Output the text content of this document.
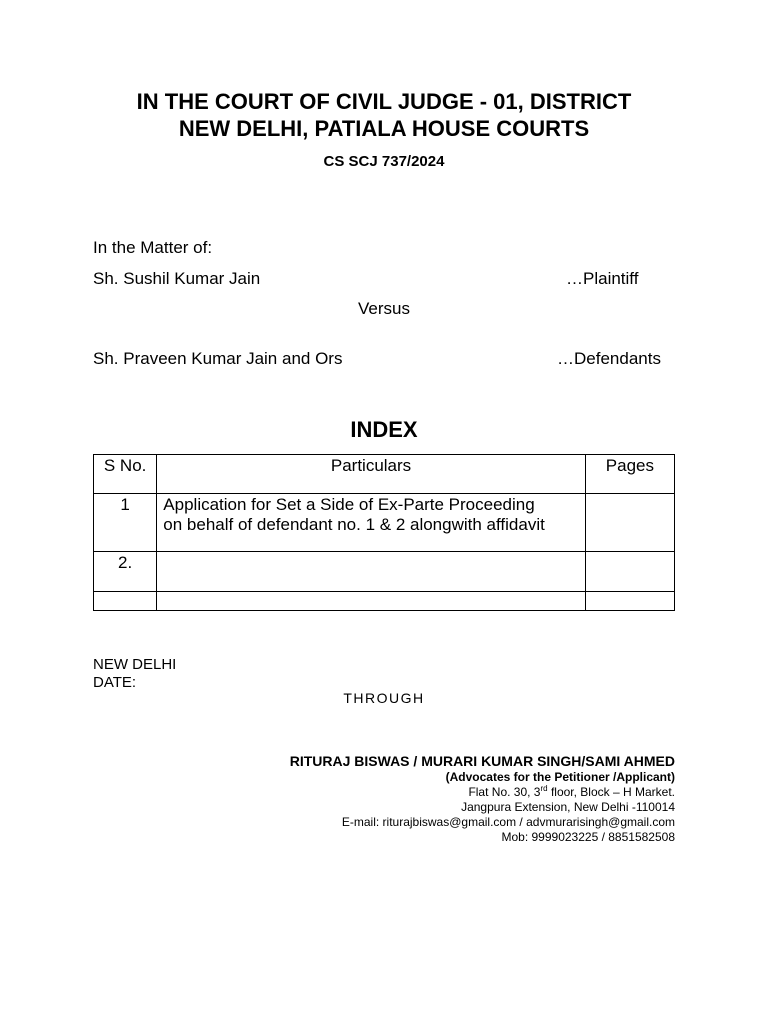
IN THE COURT OF CIVIL JUDGE - 01, DISTRICT
NEW DELHI, PATIALA HOUSE COURTS
CS SCJ 737/2024
In the Matter of:
Sh. Sushil Kumar Jain	…Plaintiff
Versus
Sh. Praveen Kumar Jain and Ors	…Defendants
INDEX
S No.	Particulars	Pages
1	Application for Set a Side of Ex-Parte Proceeding
on behalf of defendant no. 1 & 2 alongwith affidavit	

2.		

NEW DELHI
DATE:
THROUGH
RITURAJ BISWAS / MURARI KUMAR SINGH/SAMI AHMED
(Advocates for the Petitioner /Applicant)
Flat No. 30, 3rd floor, Block – H Market.
Jangpura Extension, New Delhi -110014
E-mail: riturajbiswas@gmail.com / advmurarisingh@gmail.com
Mob: 9999023225 / 8851582508
